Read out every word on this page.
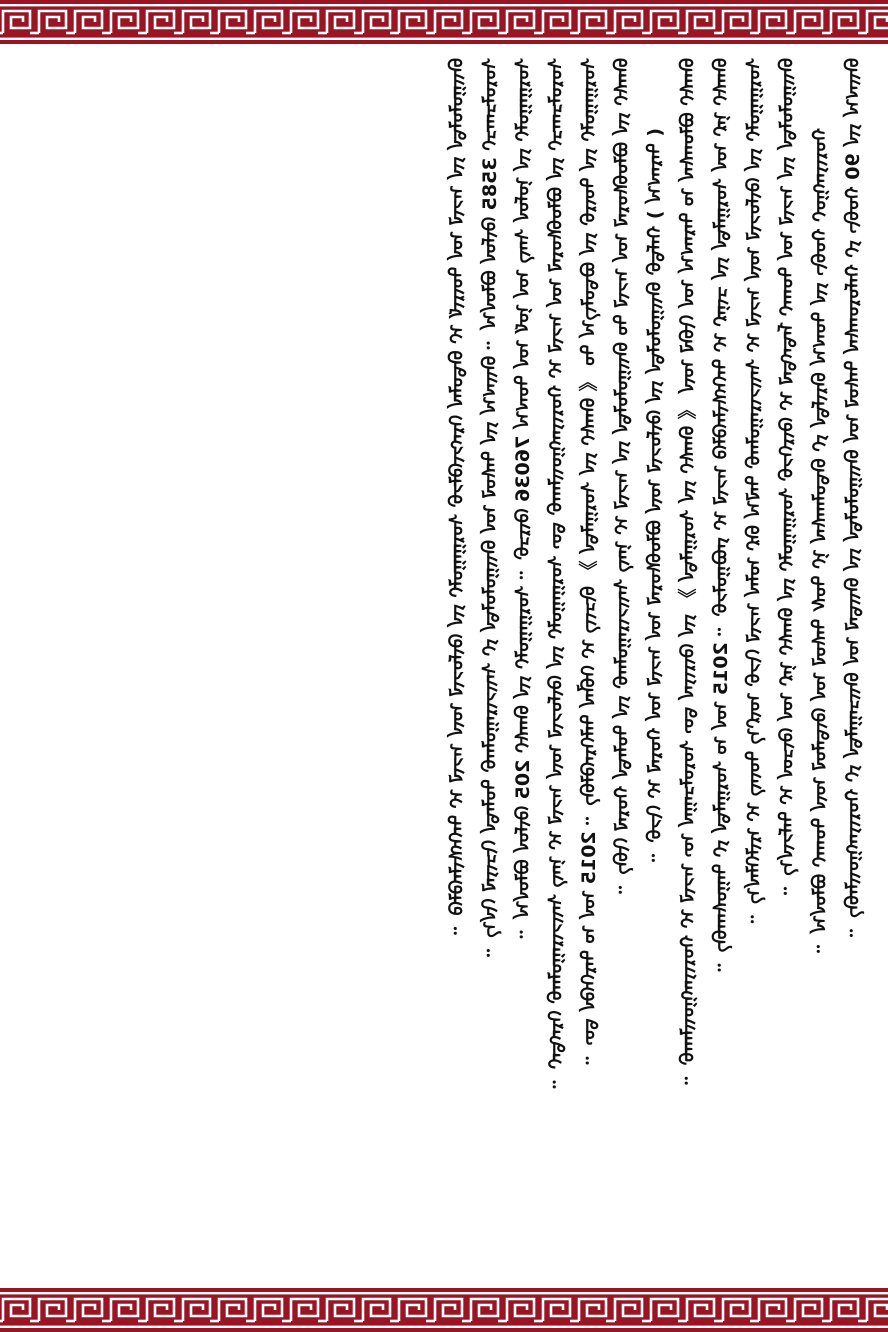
ᠪᠠᠢᠭ᠎ᠠ ᠶᠢᠨ 90 ᠬᠤᠪᠢ ᠶᠢ ᠬᠠᠮᠤᠷᠤᠭᠰᠠᠨ ᠳᠠᠰᠤᠯ ᠤᠨ ᠪᠠᠢᠭᠤᠯᠤᠯᠲᠠ ᠶᠢᠨ ᠪᠠᠢᠳᠠᠯ ᠤᠨ ᠪᠠᠢᠴᠠᠭᠠᠯᠲᠠ ᠶᠢ ᠬᠤᠷᠢᠶᠠᠩᠭᠤᠢᠯᠠᠪᠠ ᠃
ᠬᠤᠷᠢᠶᠠᠩᠭᠤᠢ ᠬᠤᠪᠢ ᠶᠢᠨ ᠲᠤᠭ᠎ᠠ ᠪᠠᠷᠢᠮᠲᠠ ᠶᠢ ᠪᠠᠲᠤᠯᠠᠭᠰᠠᠨ ᠨᠢ ᠲᠤᠰ ᠳᠠᠰᠤᠯ ᠤᠨ ᠬᠦᠳᠡᠯᠦᠯ ᠦᠨ ᠲᠤᠬᠠᠢ ᠪᠤᠯᠤᠨ᠎ᠠ ᠃
ᠪᠠᠢᠭᠤᠯᠤᠯᠲᠠ ᠶᠢᠨ ᠠᠵᠢᠯ ᠤᠨ ᠲᠤᠬᠠᠢ ᠮᠡᠳᠡᠭᠳᠡᠯ ᠢ ᠬᠦᠷᠭᠡᠵᠦ ᠰᠤᠷᠭᠠᠭᠤᠯᠢ ᠶᠢᠨ ᠪᠠᠭᠰᠢ ᠨᠠᠷ ᠤᠨ ᠬᠦᠴᠦᠨ ᠢ ᠳᠡᠮᠵᠢᠨ᠎ᠡ ᠃
ᠰᠤᠷᠭᠠᠭᠤᠯᠢ ᠶᠢᠨ ᠬᠦᠮᠦᠵᠢᠯ ᠦᠨ ᠠᠵᠢᠯ ᠢ ᠰᠠᠢᠵᠢᠷᠠᠭᠤᠯᠬᠤ ᠲᠠᠯ᠎ᠠ ᠪᠡᠷ ᠤᠯᠠᠨ ᠠᠵᠢᠯ ᠬᠢᠵᠦ ᠦᠷ᠎ᠡ ᠳᠦᠩ ᠢ ᠡᠷᠢᠯᠬᠡᠯᠡᠨ᠎ᠡ ᠃
ᠪᠠᠭᠰᠢ ᠨᠠᠷ ᠤᠨ ᠰᠤᠷᠭᠠᠯᠲᠠ ᠶᠢᠨ ᠴᠢᠨᠠᠷ ᠢ ᠳᠡᠭᠡᠭᠰᠢᠯᠡᠭᠦᠯᠬᠦ ᠠᠵᠢᠯ ᠢ ᠶᠠᠪᠤᠭᠤᠯᠵᠤ ᠃ 2015 ᠤᠨ ᠤ ᠰᠤᠷᠭᠠᠯᠲᠠ ᠶᠢ ᠳᠠᠭᠤᠰᠬᠠᠪᠠ ᠃
ᠪᠠᠭᠰᠢ ᠪᠤᠯᠤᠭᠰᠠᠨ ᠤ ᠳᠠᠷᠠᠭ᠎ᠠ ᠤᠨ ᠬᠢᠪᠡᠯ ᠦᠨ 《 ᠪᠠᠭᠰᠢ ᠶᠢᠨ ᠰᠤᠷᠭᠠᠯᠲᠠ 》 ᠶᠢᠨ ᠬᠦᠷᠢᠶᠡᠨ ᠳᠦ ᠰᠤᠷᠤᠯᠴᠠᠭᠠᠨ ᠦ ᠠᠵᠢᠯ ᠢ ᠬᠤᠷᠢᠶᠠᠩᠭᠤᠢᠯᠠᠬᠤ ᠃
( ᠳᠠᠷᠠᠭ᠎ᠠ ) ᠬᠠᠮᠲᠤ ᠪᠠᠢᠭᠤᠯᠤᠯᠲᠠ ᠶᠢᠨ ᠬᠦᠮᠦᠵᠢᠯ ᠦᠨ ᠪᠤᠯᠤᠪᠰᠤᠷᠠᠯ ᠤᠨ ᠠᠵᠢᠯ ᠤᠨ ᠬᠤᠷᠠᠯ ᠢ ᠬᠢᠵᠦ ᠃
ᠪᠠᠭᠰᠢ ᠶᠢᠨ ᠪᠤᠯᠤᠪᠰᠤᠷᠠᠯ ᠤᠨ ᠠᠵᠢᠯ ᠲᠤ ᠪᠠᠢᠭᠤᠯᠤᠯᠲᠠ ᠶᠢᠨ ᠠᠵᠢᠯ ᠢ ᠨᠡᠩ ᠰᠠᠢᠵᠢᠷᠠᠭᠤᠯᠬᠤ ᠶᠢᠨ ᠲᠤᠯᠠᠳᠠ ᠬᠤᠷᠠᠯ ᠬᠢᠪᠡ ᠃
ᠰᠤᠷᠭᠠᠭᠤᠯᠢ ᠶᠢᠨ ᠲᠦᠷᠦ ᠶᠢᠨ ᠪᠤᠳᠤᠯᠭ᠎ᠠ ᠲᠤ 《 ᠪᠠᠭᠰᠢ ᠶᠢᠨ ᠰᠤᠷᠭᠠᠯᠲᠠ 》 ᠪᠢᠴᠢᠭ ᠢ ᠬᠡᠪᠯᠡᠨ ᠳᠡᠯᠭᠡᠷᠡᠭᠦᠯᠪᠡ ᠃ 2015 ᠤᠨ ᠤ ᠲᠡᠷᠭᠡᠭᠦᠨ ᠳᠦ ᠃
ᠰᠤᠷᠤᠯᠴᠠᠭᠴᠢ ᠶᠢᠨ ᠪᠤᠯᠤᠪᠰᠤᠷᠠᠯ ᠤᠨ ᠠᠵᠢᠯ ᠢ ᠬᠤᠷᠢᠶᠠᠩᠭᠤᠢᠯᠠᠬᠤ ᠳᠦ ᠰᠤᠷᠭᠠᠭᠤᠯᠢ ᠶᠢᠨ ᠬᠦᠮᠦᠵᠢᠯ ᠦᠨ ᠠᠵᠢᠯ ᠢ ᠨᠡᠩ ᠰᠠᠢᠵᠢᠷᠠᠭᠤᠯᠬᠤ ᠬᠡᠷᠡᠭᠲᠡᠢ ᠃
ᠰᠤᠷᠭᠠᠭᠤᠯᠢ ᠶᠢᠨ ᠨᠣᠮᠤᠨ ᠰᠠᠩ ᠤᠨ ᠨᠣᠮ ᠤᠨ ᠲᠤᠭ᠎ᠠ 76036 ᠬᠦᠷᠴᠦ ᠃ ᠰᠤᠷᠭᠠᠭᠤᠯᠢ ᠶᠢᠨ ᠪᠠᠭᠰᠢ 205 ᠬᠦᠮᠦᠨ ᠪᠤᠯᠤᠨ᠎ᠠ ᠃
ᠰᠤᠷᠤᠯᠴᠠᠭᠴᠢ 3585 ᠬᠦᠮᠦᠨ ᠪᠤᠯᠤᠨ᠎ᠠ ᠃ ᠪᠠᠢᠭ᠎ᠠ ᠶᠢᠨ ᠳᠠᠰᠤᠯ ᠤᠨ ᠪᠠᠢᠭᠤᠯᠤᠯᠲᠠ ᠶᠢ ᠰᠠᠢᠵᠢᠷᠠᠭᠤᠯᠬᠤ ᠲᠤᠯᠠᠳᠠ ᠬᠢᠴᠢᠶᠡᠯ ᠬᠢᠨ᠎ᠡ ᠃
ᠪᠠᠢᠭᠤᠯᠤᠯᠲᠠ ᠶᠢᠨ ᠠᠵᠢᠯ ᠤᠨ ᠳᠦᠷᠢᠮ ᠢ ᠪᠠᠲᠤᠯᠠᠨ ᠬᠡᠷᠡᠭᠵᠢᠭᠦᠯᠵᠦ ᠰᠤᠷᠭᠠᠭᠤᠯᠢ ᠶᠢᠨ ᠬᠦᠮᠦᠵᠢᠯ ᠦᠨ ᠠᠵᠢᠯ ᠢ ᠳᠡᠭᠡᠭᠰᠢᠯᠡᠭᠦᠯᠬᠦ ᠃
